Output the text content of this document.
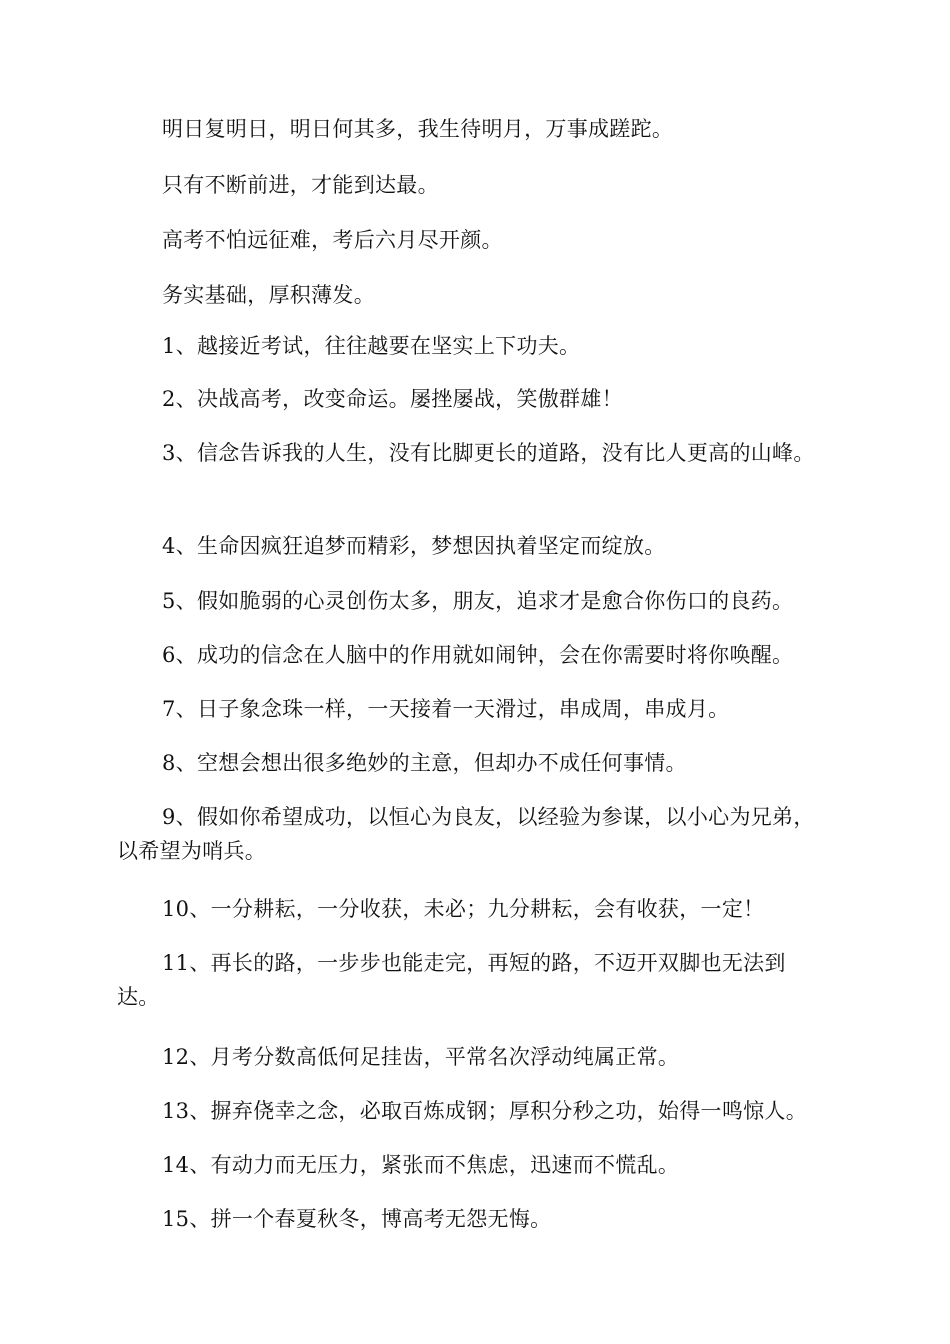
明日复明日，明日何其多，我生待明月，万事成蹉跎。

只有不断前进，才能到达最。

高考不怕远征难，考后六月尽开颜。

务实基础，厚积薄发。

1、越接近考试，往往越要在坚实上下功夫。

2、决战高考，改变命运。屡挫屡战，笑傲群雄！

3、信念告诉我的人生，没有比脚更长的道路，没有比人更高的山峰。

4、生命因疯狂追梦而精彩，梦想因执着坚定而绽放。

5、假如脆弱的心灵创伤太多，朋友，追求才是愈合你伤口的良药。

6、成功的信念在人脑中的作用就如闹钟，会在你需要时将你唤醒。

7、日子象念珠一样，一天接着一天滑过，串成周，串成月。

8、空想会想出很多绝妙的主意，但却办不成任何事情。

9、假如你希望成功，以恒心为良友，以经验为参谋，以小心为兄弟，以希望为哨兵。

10、一分耕耘，一分收获，未必；九分耕耘，会有收获，一定！

11、再长的路，一步步也能走完，再短的路，不迈开双脚也无法到达。

12、月考分数高低何足挂齿，平常名次浮动纯属正常。

13、摒弃侥幸之念，必取百炼成钢；厚积分秒之功，始得一鸣惊人。

14、有动力而无压力，紧张而不焦虑，迅速而不慌乱。

15、拼一个春夏秋冬，博高考无怨无悔。
